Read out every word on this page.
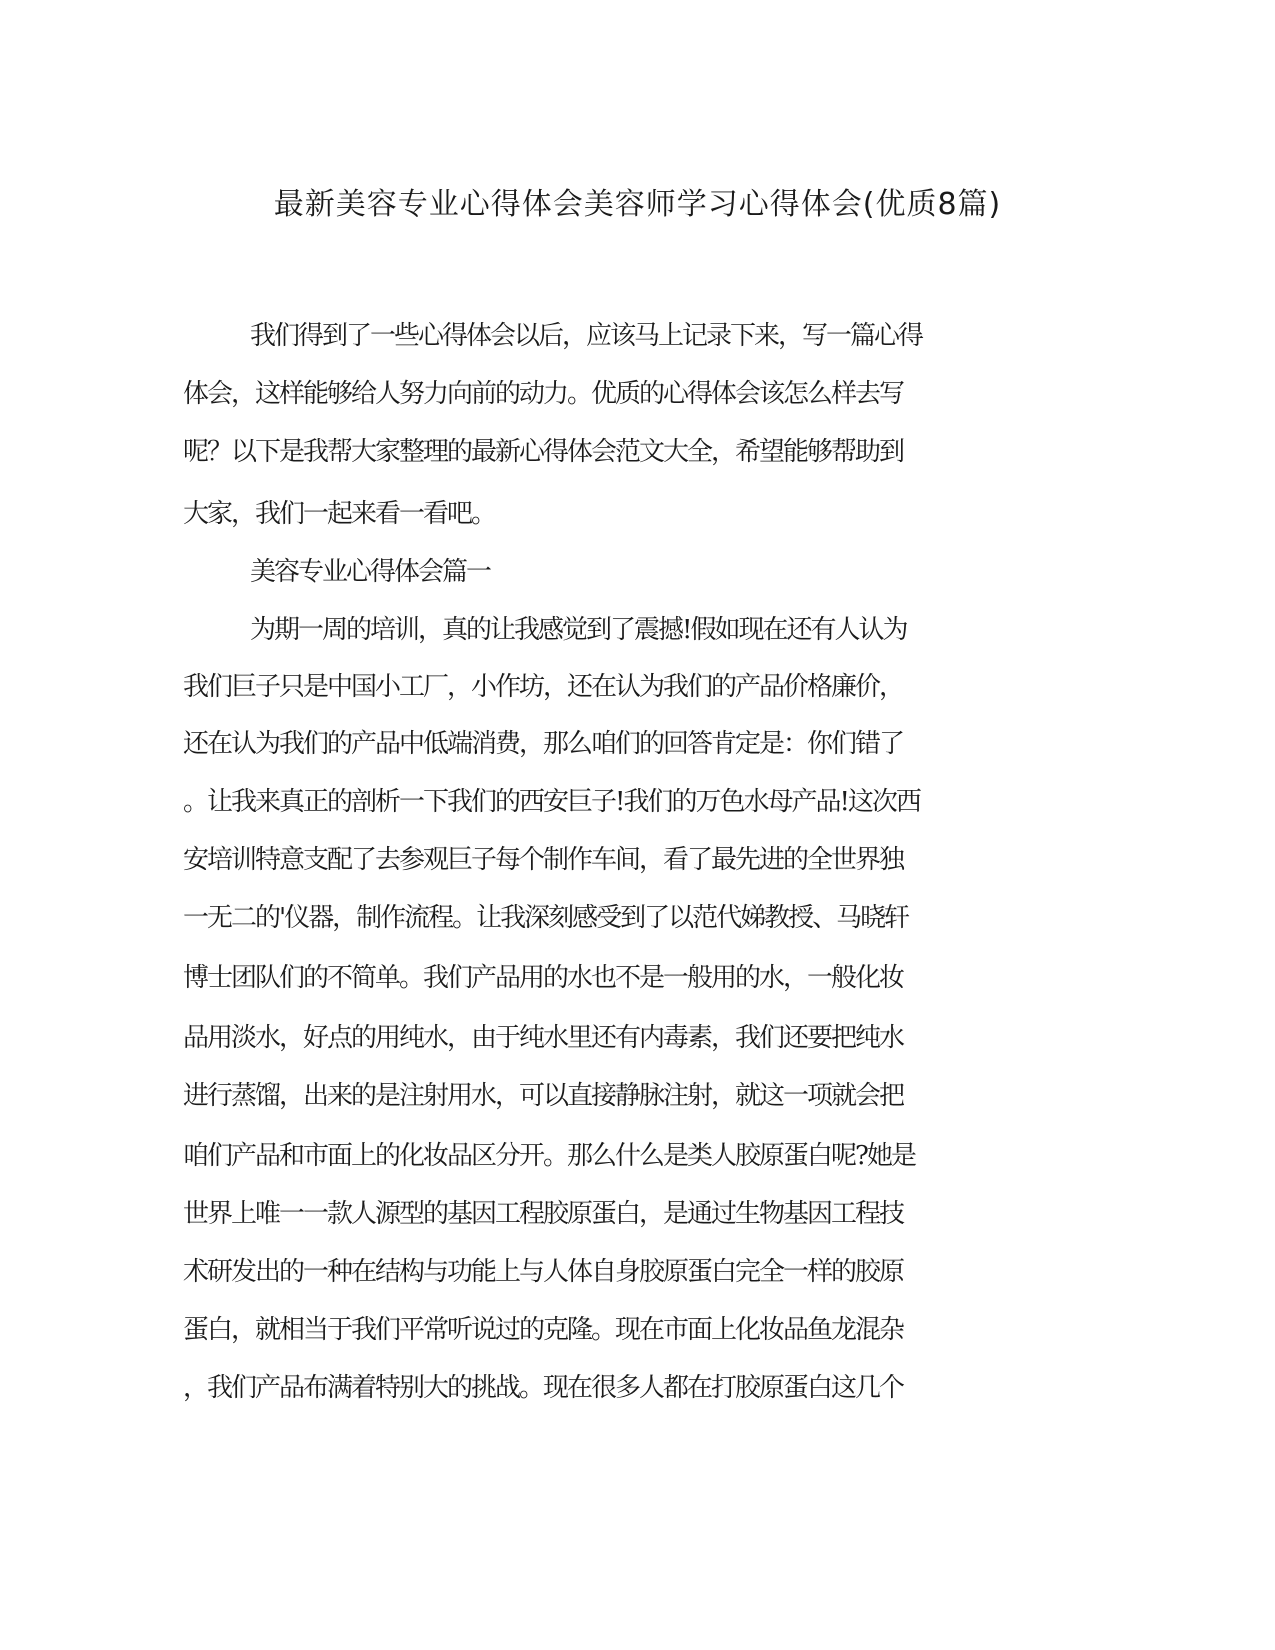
最新美容专业心得体会美容师学习心得体会(优质8篇)

我们得到了一些心得体会以后，应该马上记录下来，写一篇心得

体会，这样能够给人努力向前的动力。优质的心得体会该怎么样去写

呢？以下是我帮大家整理的最新心得体会范文大全，希望能够帮助到

大家，我们一起来看一看吧。

美容专业心得体会篇一

为期一周的培训，真的让我感觉到了震撼!假如现在还有人认为

我们巨子只是中国小工厂，小作坊，还在认为我们的产品价格廉价，

还在认为我们的产品中低端消费，那么咱们的回答肯定是：你们错了

。让我来真正的剖析一下我们的西安巨子!我们的万色水母产品!这次西

安培训特意支配了去参观巨子每个制作车间，看了最先进的全世界独

一无二的'仪器，制作流程。让我深刻感受到了以范代娣教授、马晓轩

博士团队们的不简单。我们产品用的水也不是一般用的水，一般化妆

品用淡水，好点的用纯水，由于纯水里还有内毒素，我们还要把纯水

进行蒸馏，出来的是注射用水，可以直接静脉注射，就这一项就会把

咱们产品和市面上的化妆品区分开。那么什么是类人胶原蛋白呢?她是

世界上唯一一款人源型的基因工程胶原蛋白，是通过生物基因工程技

术研发出的一种在结构与功能上与人体自身胶原蛋白完全一样的胶原

蛋白，就相当于我们平常听说过的克隆。现在市面上化妆品鱼龙混杂

，我们产品布满着特别大的挑战。现在很多人都在打胶原蛋白这几个
